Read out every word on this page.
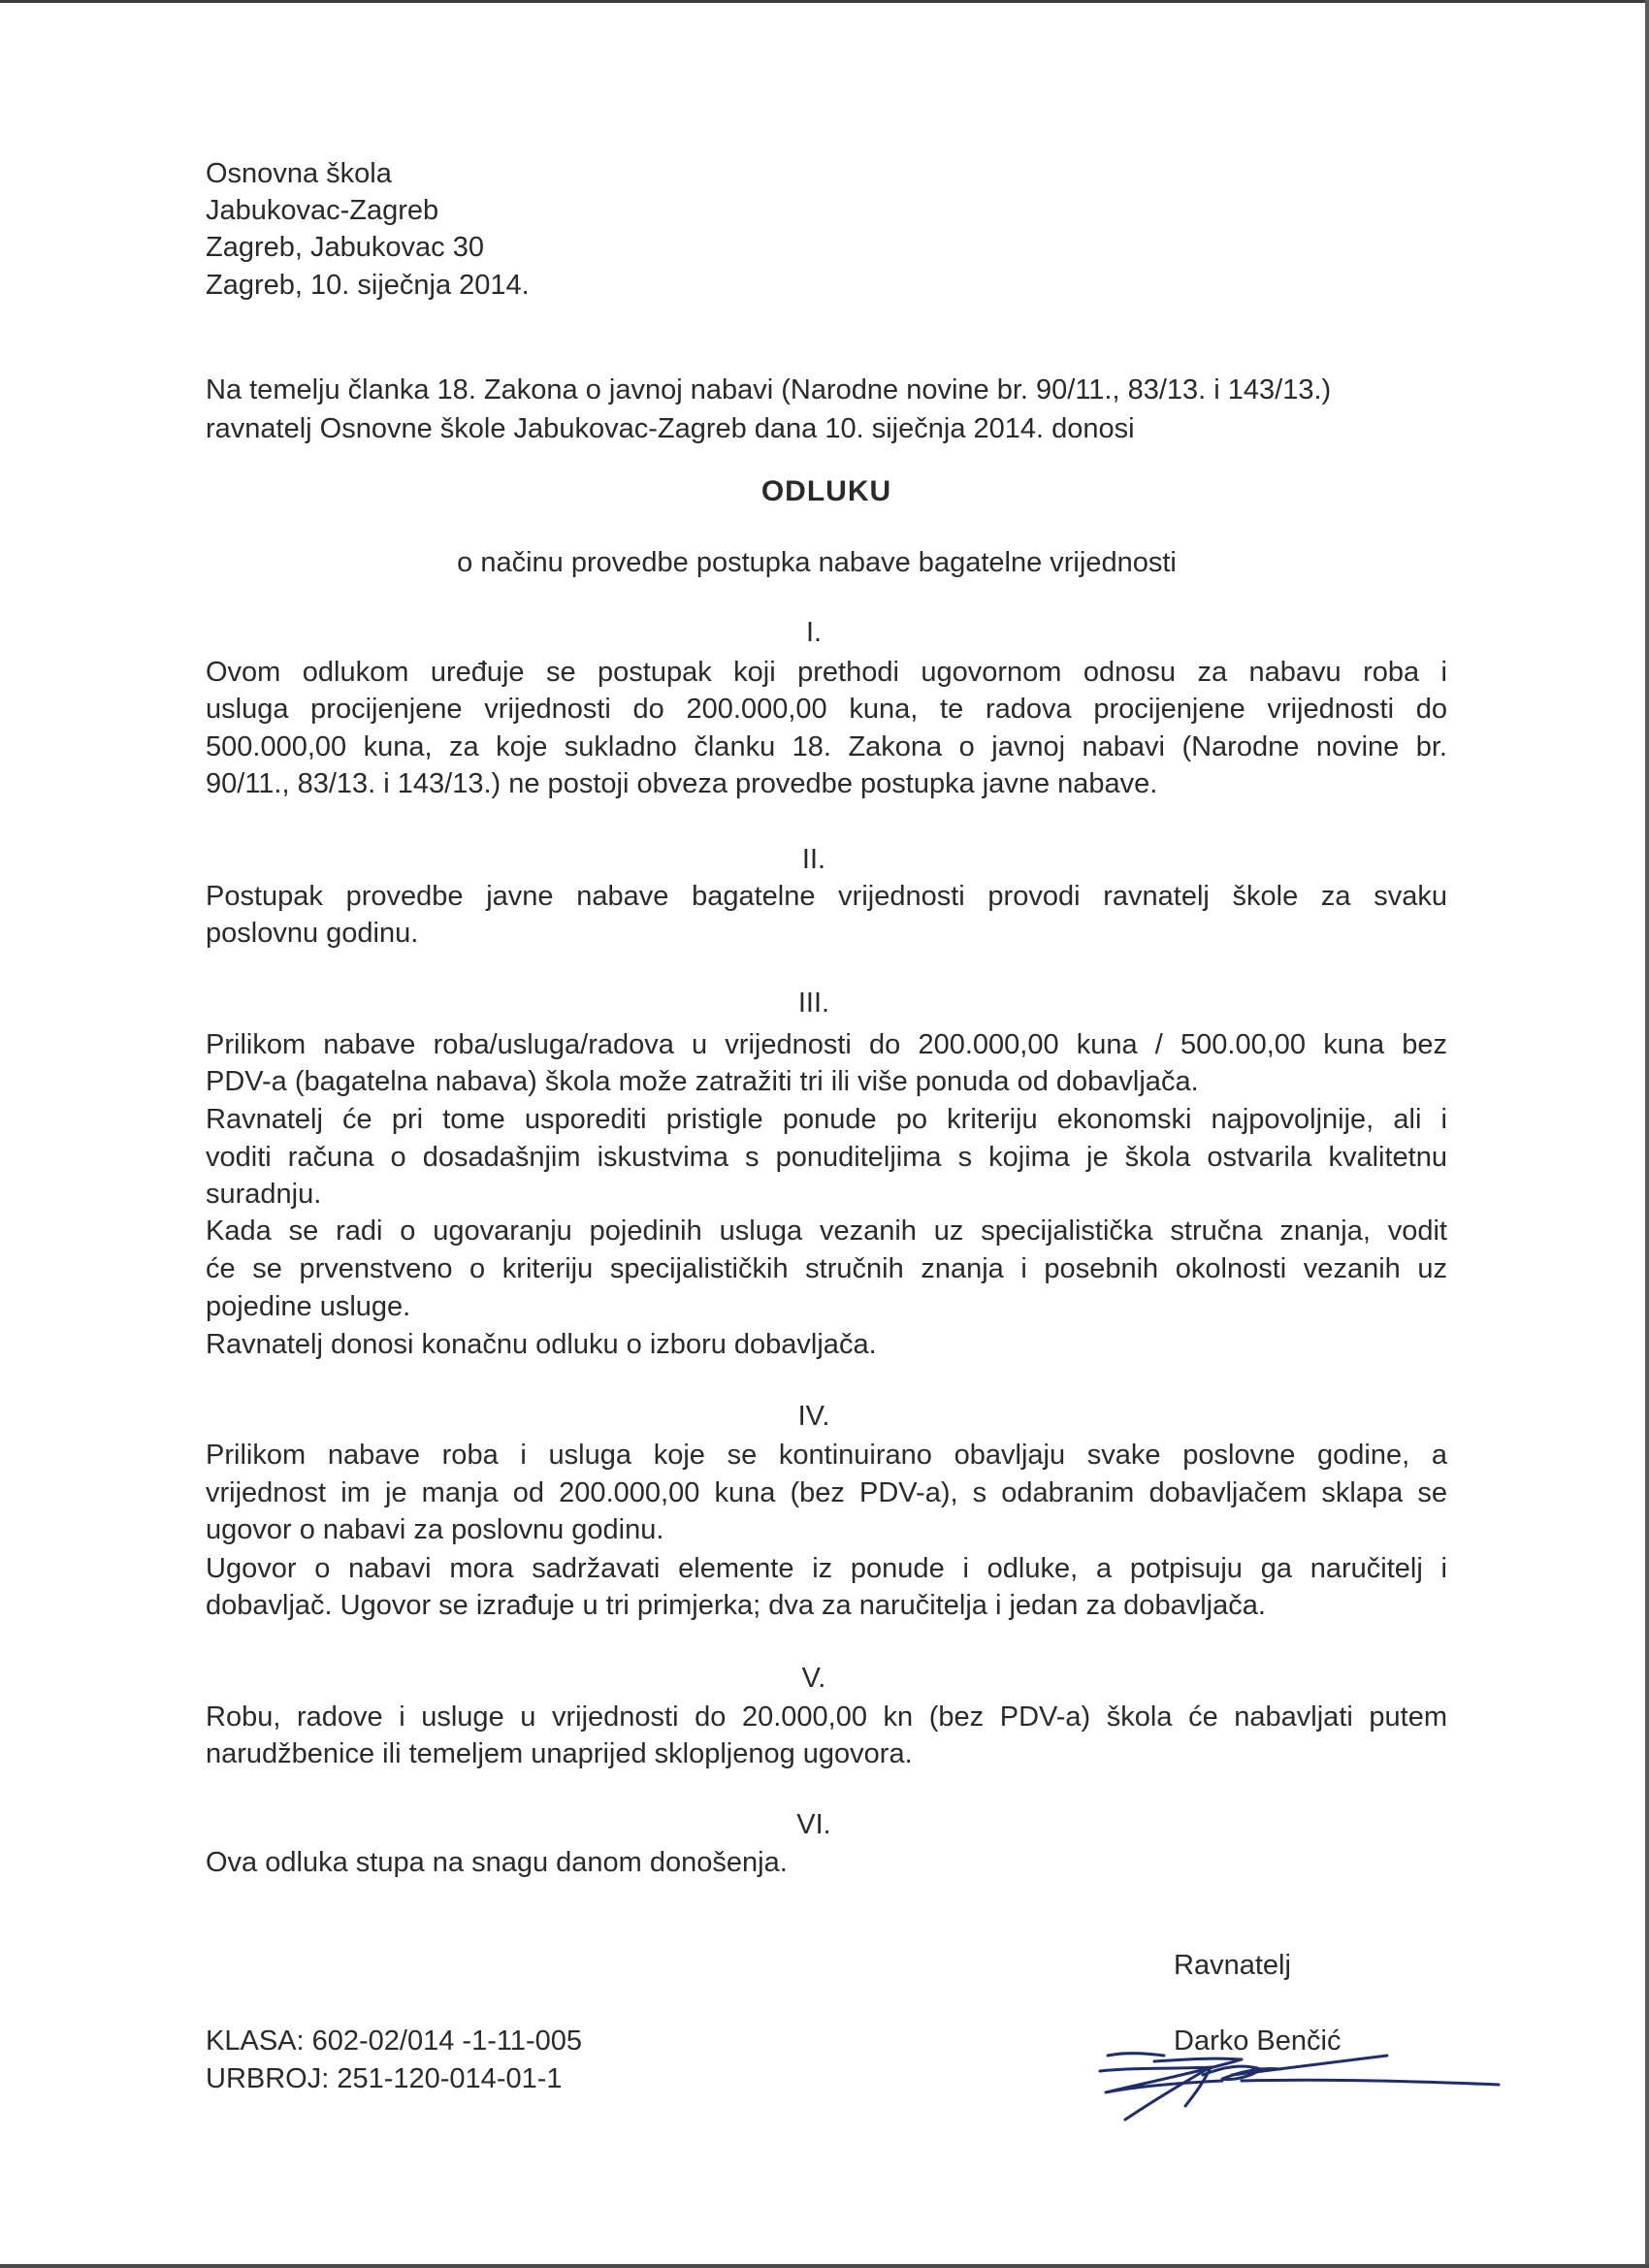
Osnovna škola
Jabukovac-Zagreb
Zagreb, Jabukovac 30
Zagreb, 10. siječnja 2014.
Na temelju članka 18. Zakona o javnoj nabavi (Narodne novine br. 90/11., 83/13. i 143/13.)
ravnatelj Osnovne škole Jabukovac-Zagreb dana 10. siječnja 2014. donosi
ODLUKU
o načinu provedbe postupka nabave bagatelne vrijednosti
I.
Ovom odlukom uređuje se postupak koji prethodi ugovornom odnosu za nabavu roba i
usluga procijenjene vrijednosti do 200.000,00 kuna, te radova procijenjene vrijednosti do
500.000,00 kuna, za koje sukladno članku 18. Zakona o javnoj nabavi (Narodne novine br.
90/11., 83/13. i 143/13.) ne postoji obveza provedbe postupka javne nabave.
II.
Postupak provedbe javne nabave bagatelne vrijednosti provodi ravnatelj škole za svaku
poslovnu godinu.
III.
Prilikom nabave roba/usluga/radova u vrijednosti do 200.000,00 kuna / 500.00,00 kuna bez
PDV-a (bagatelna nabava) škola može zatražiti tri ili više ponuda od dobavljača.
Ravnatelj će pri tome usporediti pristigle ponude po kriteriju ekonomski najpovoljnije, ali i
voditi računa o dosadašnjim iskustvima s ponuditeljima s kojima je škola ostvarila kvalitetnu
suradnju.
Kada se radi o ugovaranju pojedinih usluga vezanih uz specijalistička stručna znanja, vodit
će se prvenstveno o kriteriju specijalističkih stručnih znanja i posebnih okolnosti vezanih uz
pojedine usluge.
Ravnatelj donosi konačnu odluku o izboru dobavljača.
IV.
Prilikom nabave roba i usluga koje se kontinuirano obavljaju svake poslovne godine, a
vrijednost im je manja od 200.000,00 kuna (bez PDV-a), s odabranim dobavljačem sklapa se
ugovor o nabavi za poslovnu godinu.
Ugovor o nabavi mora sadržavati elemente iz ponude i odluke, a potpisuju ga naručitelj i
dobavljač. Ugovor se izrađuje u tri primjerka; dva za naručitelja i jedan za dobavljača.
V.
Robu, radove i usluge u vrijednosti do 20.000,00 kn (bez PDV-a) škola će nabavljati putem
narudžbenice ili temeljem unaprijed sklopljenog ugovora.
VI.
Ova odluka stupa na snagu danom donošenja.
Ravnatelj
Darko Benčić
KLASA: 602-02/014 -1-11-005
URBROJ: 251-120-014-01-1
